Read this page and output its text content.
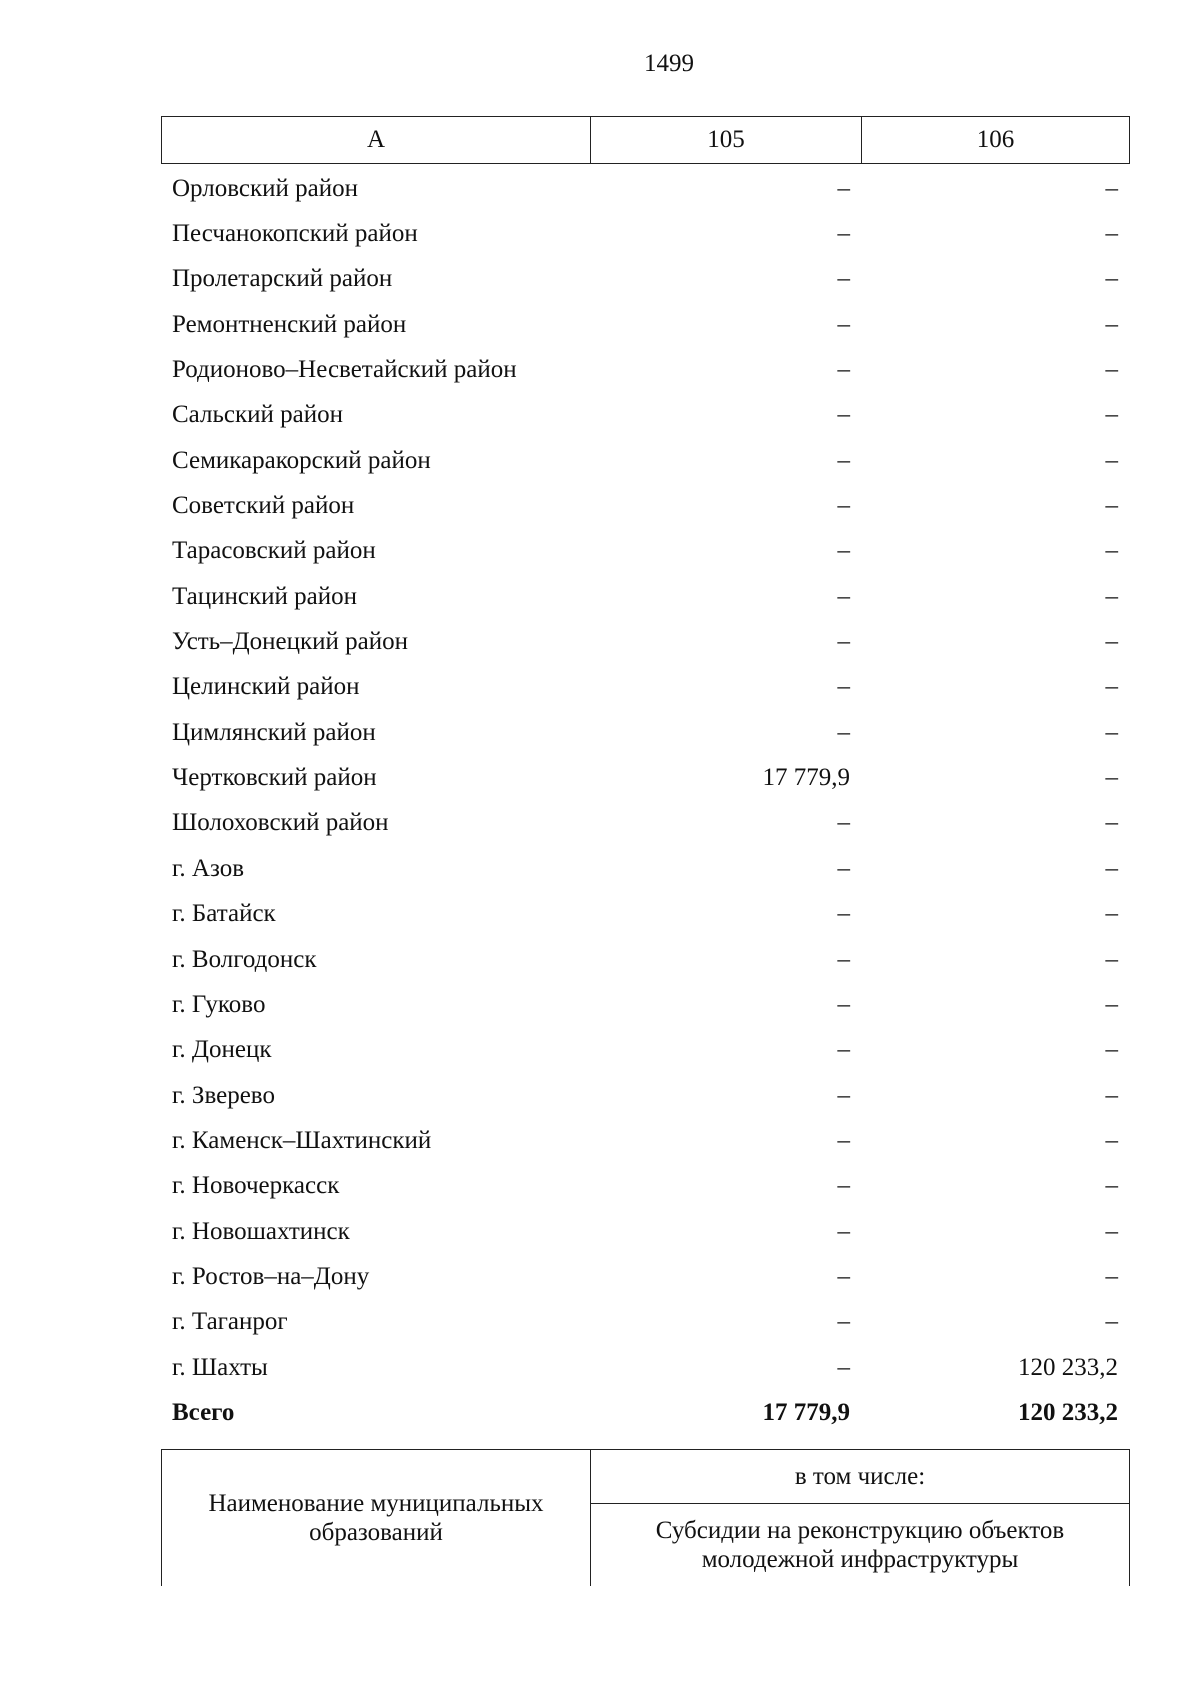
1499
А	105	106
Орловский район	–	–
Песчанокопский район	–	–
Пролетарский район	–	–
Ремонтненский район	–	–
Родионово–Несветайский район	–	–
Сальский район	–	–
Семикаракорский район	–	–
Советский район	–	–
Тарасовский район	–	–
Тацинский район	–	–
Усть–Донецкий район	–	–
Целинский район	–	–
Цимлянский район	–	–
Чертковский район	17 779,9	–
Шолоховский район	–	–
г. Азов	–	–
г. Батайск	–	–
г. Волгодонск	–	–
г. Гуково	–	–
г. Донецк	–	–
г. Зверево	–	–
г. Каменск–Шахтинский	–	–
г. Новочеркасск	–	–
г. Новошахтинск	–	–
г. Ростов–на–Дону	–	–
г. Таганрог	–	–
г. Шахты	–	120 233,2
Всего	17 779,9	120 233,2
Наименование муниципальных образований	в том числе:
Субсидии на реконструкцию объектов молодежной инфраструктуры
